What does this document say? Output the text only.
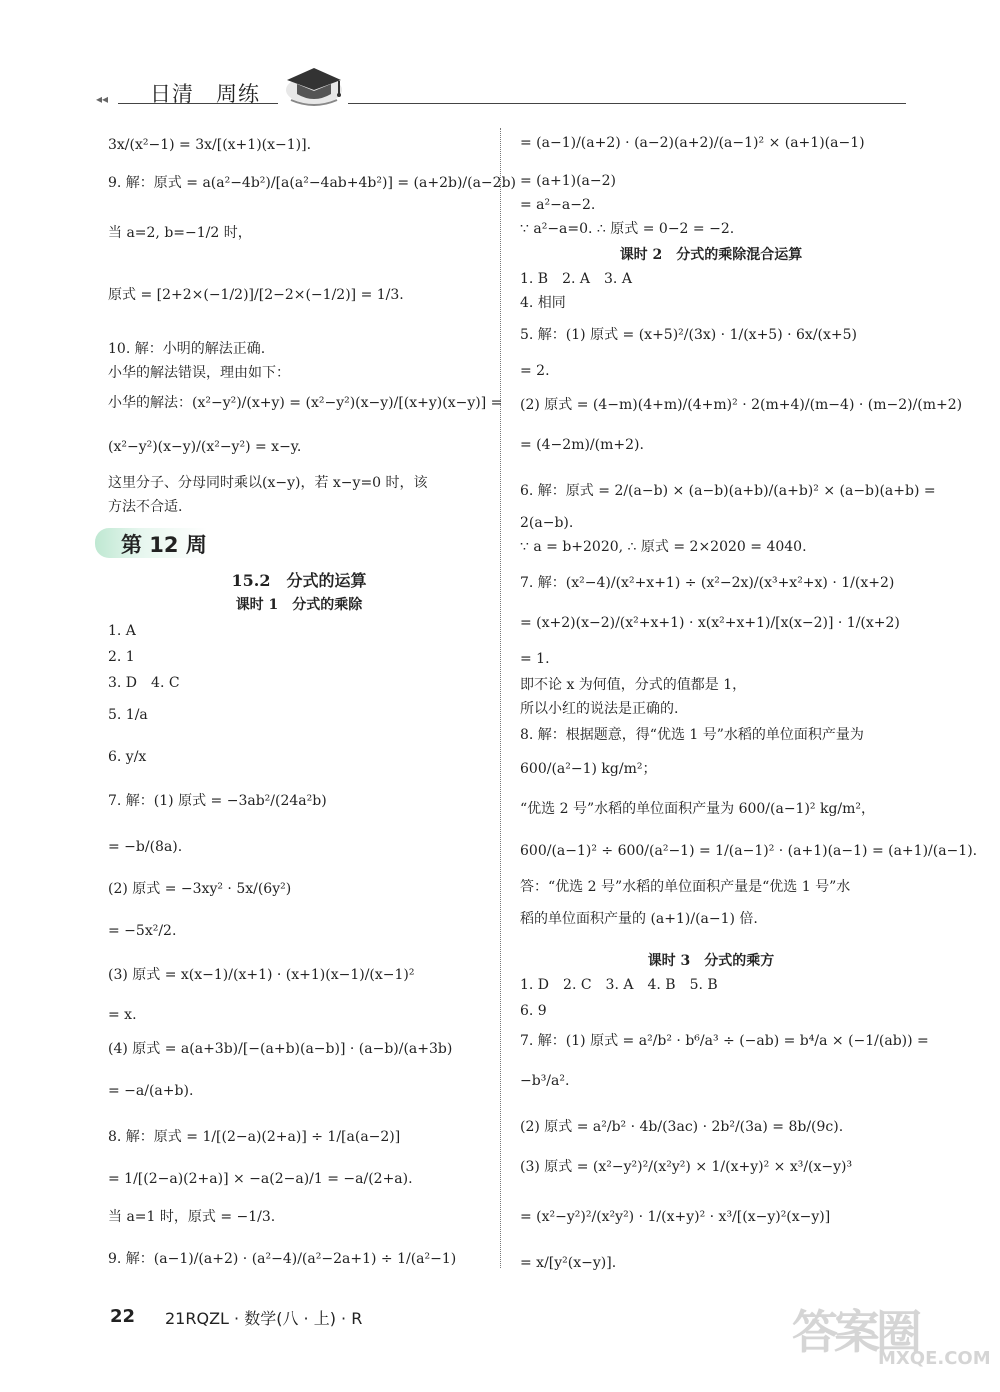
◂◂ 日清　周练
3x/(x²−1) = 3x/[(x+1)(x−1)].
9. 解：原式 = a(a²−4b²)/[a(a²−4ab+4b²)] = (a+2b)/(a−2b)
当 a=2, b=−1/2 时，
原式 = [2+2×(−1/2)]/[2−2×(−1/2)] = 1/3.
10. 解：小明的解法正确.
小华的解法错误，理由如下：
小华的解法：(x²−y²)/(x+y) = (x²−y²)(x−y)/[(x+y)(x−y)] =
(x²−y²)(x−y)/(x²−y²) = x−y.
这里分子、分母同时乘以(x−y)，若 x−y=0 时，该
方法不合适.
15.2　分式的运算
课时 1　分式的乘除
1. A
2. 1
3. D　4. C
5. 1/a
6. y/x
7. 解：(1) 原式 = −3ab²/(24a²b)
= −b/(8a).
(2) 原式 = −3xy² · 5x/(6y²)
= −5x²/2.
(3) 原式 = x(x−1)/(x+1) · (x+1)(x−1)/(x−1)²
= x.
(4) 原式 = a(a+3b)/[−(a+b)(a−b)] · (a−b)/(a+3b)
= −a/(a+b).
8. 解：原式 = 1/[(2−a)(2+a)] ÷ 1/[a(a−2)]
= 1/[(2−a)(2+a)] × −a(2−a)/1 = −a/(2+a).
当 a=1 时，原式 = −1/3.
9. 解：(a−1)/(a+2) · (a²−4)/(a²−2a+1) ÷ 1/(a²−1)
第 12 周
= (a−1)/(a+2) · (a−2)(a+2)/(a−1)² × (a+1)(a−1)
= (a+1)(a−2)
= a²−a−2.
∵ a²−a=0. ∴ 原式 = 0−2 = −2.
课时 2　分式的乘除混合运算
1. B　2. A　3. A
4. 相同
5. 解：(1) 原式 = (x+5)²/(3x) · 1/(x+5) · 6x/(x+5)
= 2.
(2) 原式 = (4−m)(4+m)/(4+m)² · 2(m+4)/(m−4) · (m−2)/(m+2)
= (4−2m)/(m+2).
6. 解：原式 = 2/(a−b) × (a−b)(a+b)/(a+b)² × (a−b)(a+b) =
2(a−b).
∵ a = b+2020, ∴ 原式 = 2×2020 = 4040.
7. 解：(x²−4)/(x²+x+1) ÷ (x²−2x)/(x³+x²+x) · 1/(x+2)
= (x+2)(x−2)/(x²+x+1) · x(x²+x+1)/[x(x−2)] · 1/(x+2)
= 1.
即不论 x 为何值，分式的值都是 1，
所以小红的说法是正确的.
8. 解：根据题意，得“优选 1 号”水稻的单位面积产量为
600/(a²−1) kg/m²；
“优选 2 号”水稻的单位面积产量为 600/(a−1)² kg/m²，
600/(a−1)² ÷ 600/(a²−1) = 1/(a−1)² · (a+1)(a−1) = (a+1)/(a−1).
答：“优选 2 号”水稻的单位面积产量是“优选 1 号”水
稻的单位面积产量的 (a+1)/(a−1) 倍.
课时 3　分式的乘方
1. D　2. C　3. A　4. B　5. B
6. 9
7. 解：(1) 原式 = a²/b² · b⁶/a³ ÷ (−ab) = b⁴/a × (−1/(ab)) =
−b³/a².
(2) 原式 = a²/b² · 4b/(3ac) · 2b²/(3a) = 8b/(9c).
(3) 原式 = (x²−y²)²/(x²y²) × 1/(x+y)² × x³/(x−y)³
= (x²−y²)²/(x²y²) · 1/(x+y)² · x³/[(x−y)²(x−y)]
= x/[y²(x−y)].
22 21RQZL · 数学(八 · 上) · R	答案圈
MXQE.COM
